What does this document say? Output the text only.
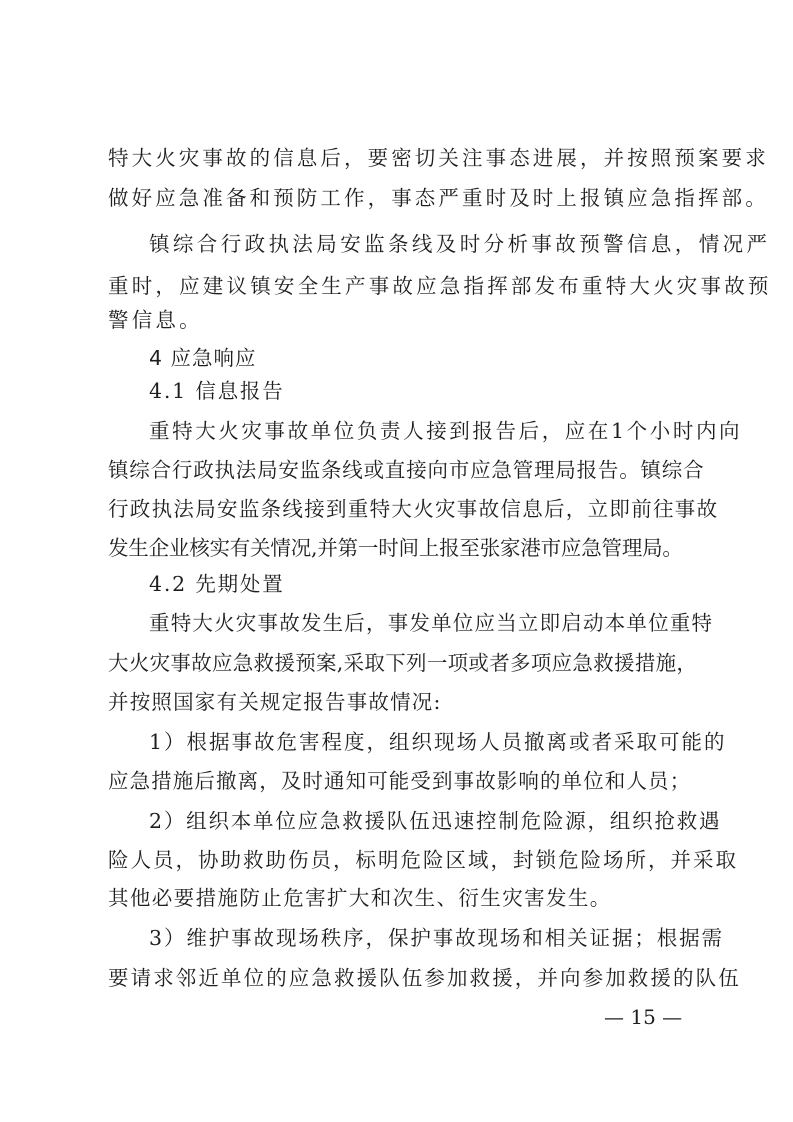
特大火灾事故的信息后，要密切关注事态进展，并按照预案要求
做好应急准备和预防工作，事态严重时及时上报镇应急指挥部。
镇综合行政执法局安监条线及时分析事故预警信息，情况严
重时，应建议镇安全生产事故应急指挥部发布重特大火灾事故预
警信息。
4 应急响应
4.1 信息报告
重特大火灾事故单位负责人接到报告后，应在1个小时内向
镇综合行政执法局安监条线或直接向市应急管理局报告。镇综合
行政执法局安监条线接到重特大火灾事故信息后，立即前往事故
发生企业核实有关情况,并第一时间上报至张家港市应急管理局。
4.2 先期处置
重特大火灾事故发生后，事发单位应当立即启动本单位重特
大火灾事故应急救援预案,采取下列一项或者多项应急救援措施，
并按照国家有关规定报告事故情况:
1）根据事故危害程度，组织现场人员撤离或者采取可能的
应急措施后撤离，及时通知可能受到事故影响的单位和人员；
2）组织本单位应急救援队伍迅速控制危险源，组织抢救遇
险人员，协助救助伤员，标明危险区域，封锁危险场所，并采取
其他必要措施防止危害扩大和次生、衍生灾害发生。
3）维护事故现场秩序，保护事故现场和相关证据；根据需
要请求邻近单位的应急救援队伍参加救援，并向参加救援的队伍
— 15 —
